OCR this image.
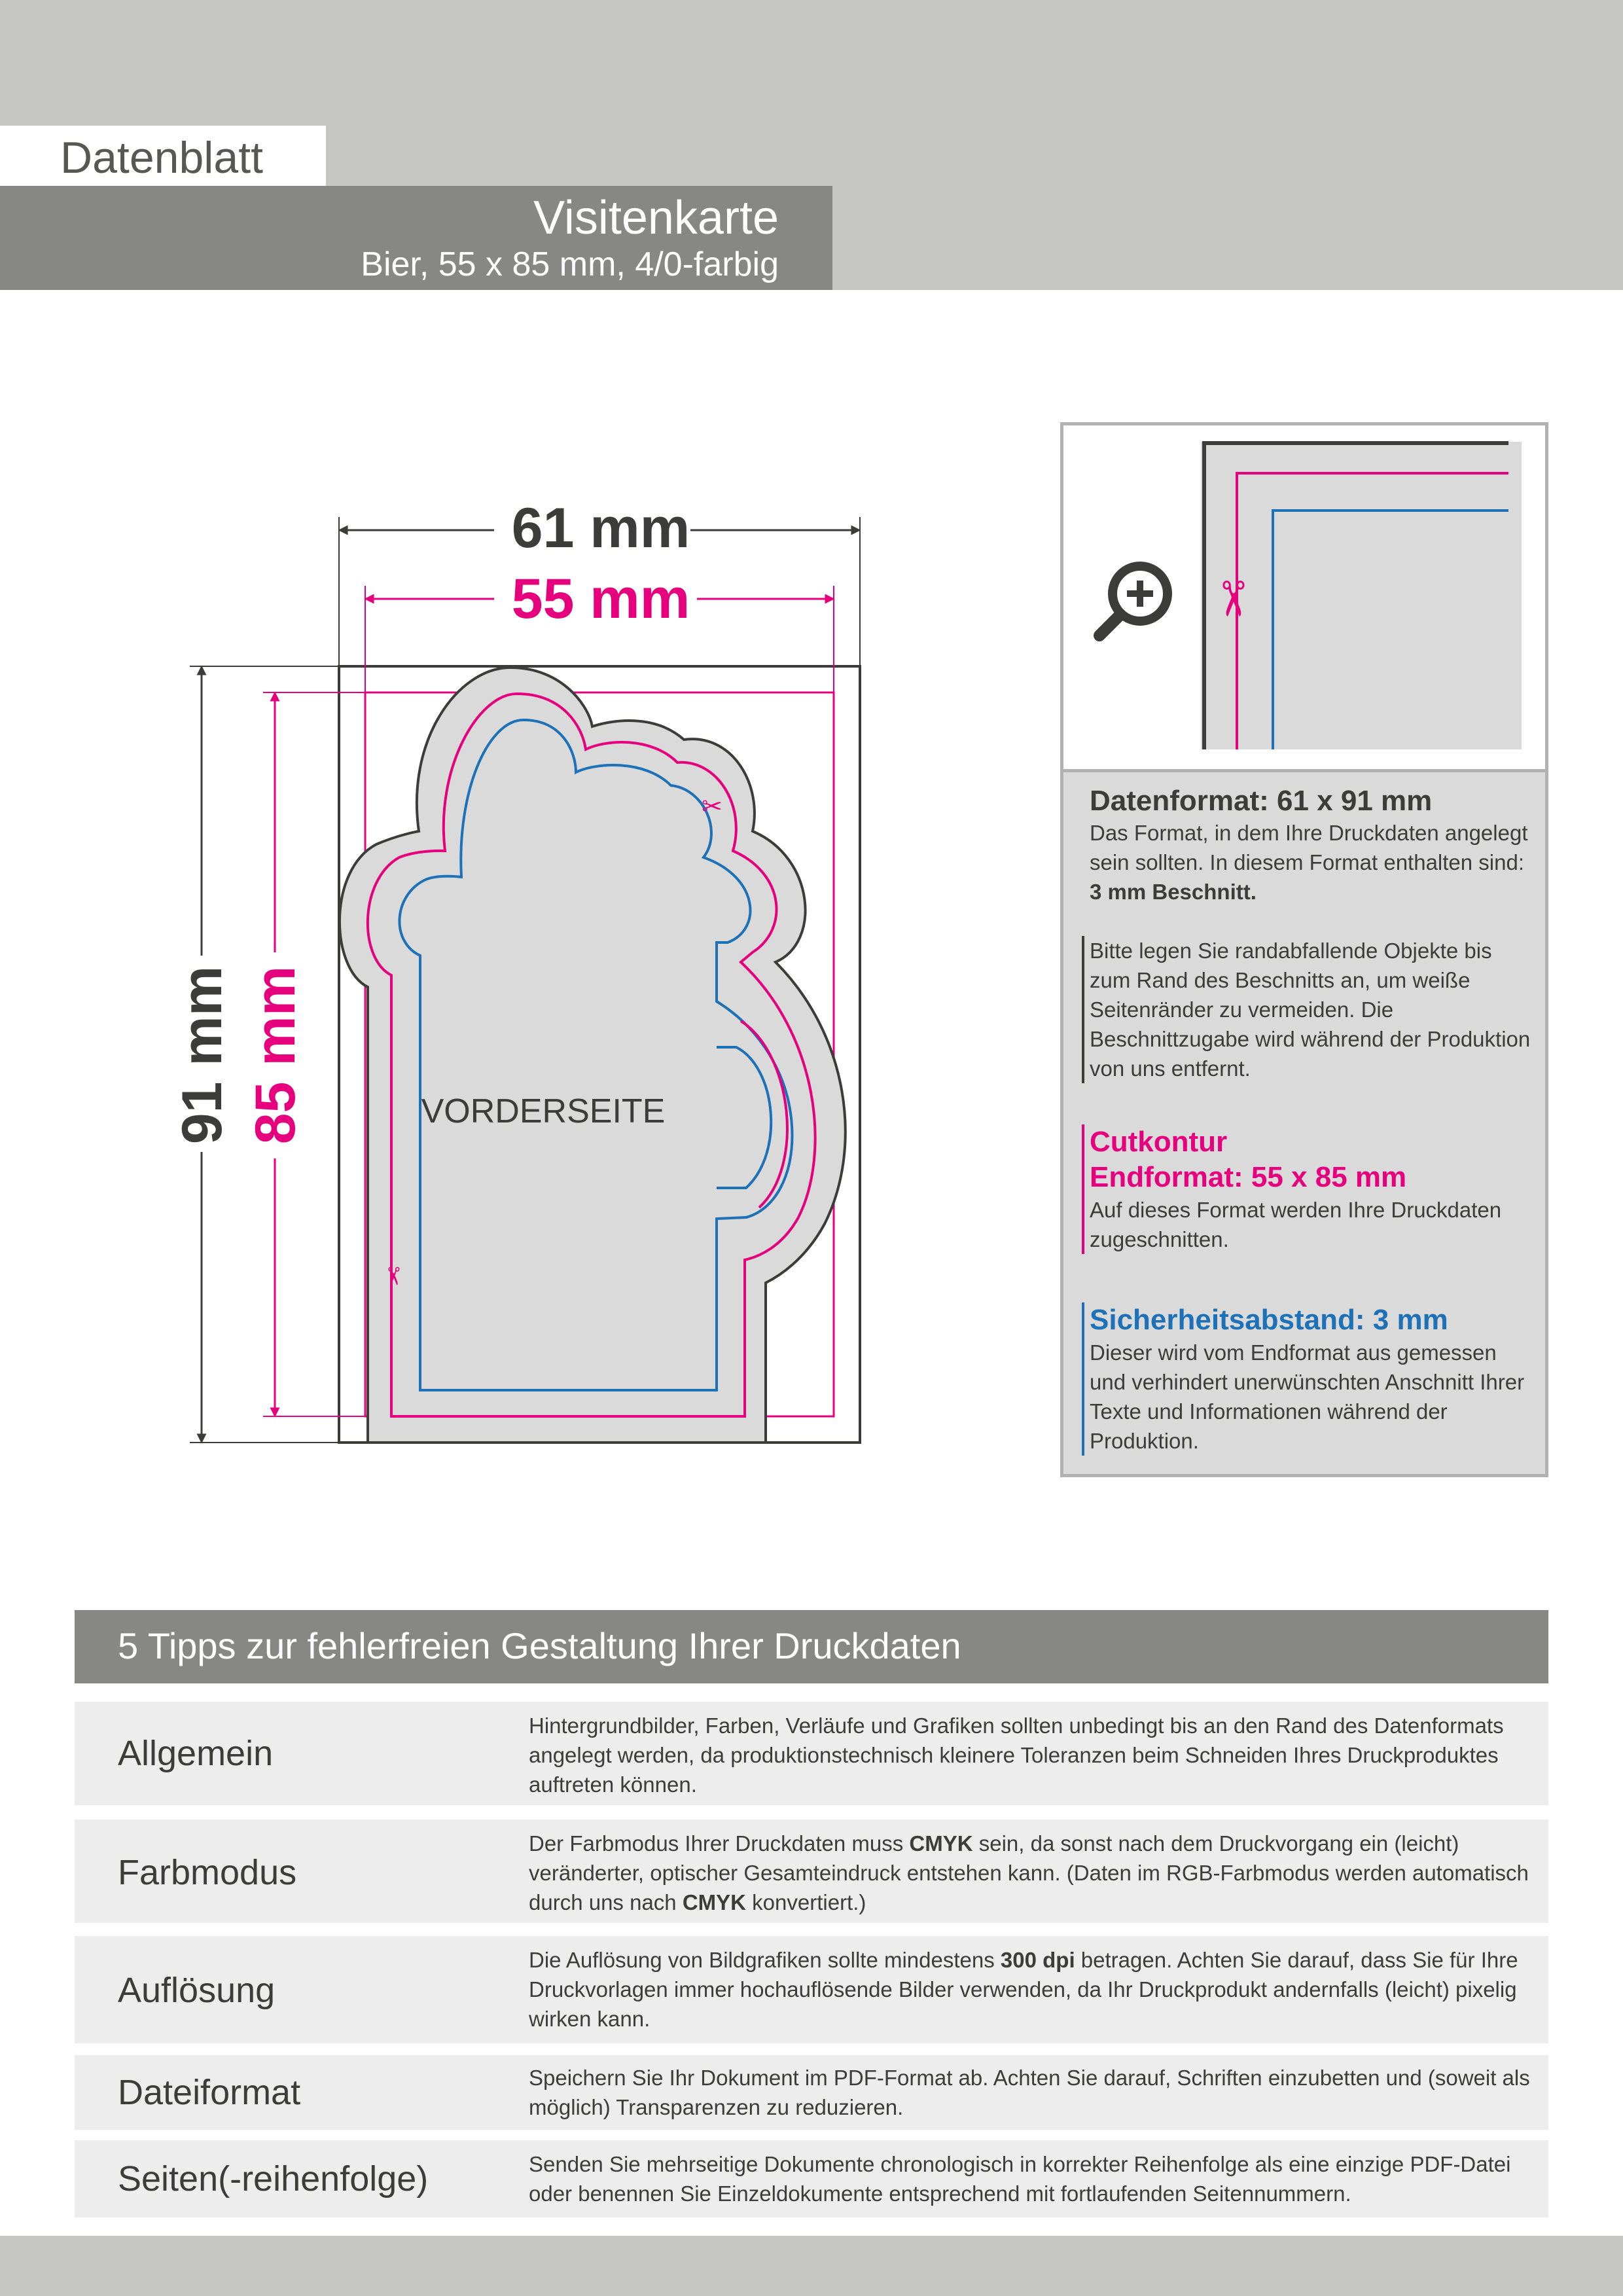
Datenblatt
Visitenkarte
Bier, 55 x 85 mm, 4/0-farbig
61 mm
55 mm
91 mm 85 mm
✂
✂
VORDERSEITE
✂
Datenformat: 61 x 91 mm
Das Format, in dem Ihre Druckdaten angelegt sein sollten. In diesem Format enthalten sind: 3 mm Beschnitt.
Bitte legen Sie randabfallende Objekte bis zum Rand des Beschnitts an, um weiße Seitenränder zu vermeiden. Die Beschnittzugabe wird während der Produktion von uns entfernt.
Cutkontur
Endformat: 55 x 85 mm
Auf dieses Format werden Ihre Druckdaten zugeschnitten.
Sicherheitsabstand: 3 mm
Dieser wird vom Endformat aus gemessen und verhindert unerwünschten Anschnitt Ihrer Texte und Informationen während der Produktion.
5 Tipps zur fehlerfreien Gestaltung Ihrer Druckdaten
Allgemein
Hintergrundbilder, Farben, Verläufe und Grafiken sollten unbedingt bis an den Rand des Datenformats angelegt werden, da produktionstechnisch kleinere Toleranzen beim Schneiden Ihres Druckproduktes auftreten können.
Farbmodus
Der Farbmodus Ihrer Druckdaten muss CMYK sein, da sonst nach dem Druckvorgang ein (leicht) veränderter, optischer Gesamteindruck entstehen kann. (Daten im RGB-Farbmodus werden automatisch durch uns nach CMYK konvertiert.)
Auflösung
Die Auflösung von Bildgrafiken sollte mindestens 300 dpi betragen. Achten Sie darauf, dass Sie für Ihre Druckvorlagen immer hochauflösende Bilder verwenden, da Ihr Druckprodukt andernfalls (leicht) pixelig wirken kann.
Dateiformat	Speichern Sie Ihr Dokument im PDF-Format ab. Achten Sie darauf, Schriften einzubetten und (soweit als möglich) Transparenzen zu reduzieren.
Seiten(-reihenfolge)	Senden Sie mehrseitige Dokumente chronologisch in korrekter Reihenfolge als eine einzige PDF-Datei oder benennen Sie Einzeldokumente entsprechend mit fortlaufenden Seitennummern.
